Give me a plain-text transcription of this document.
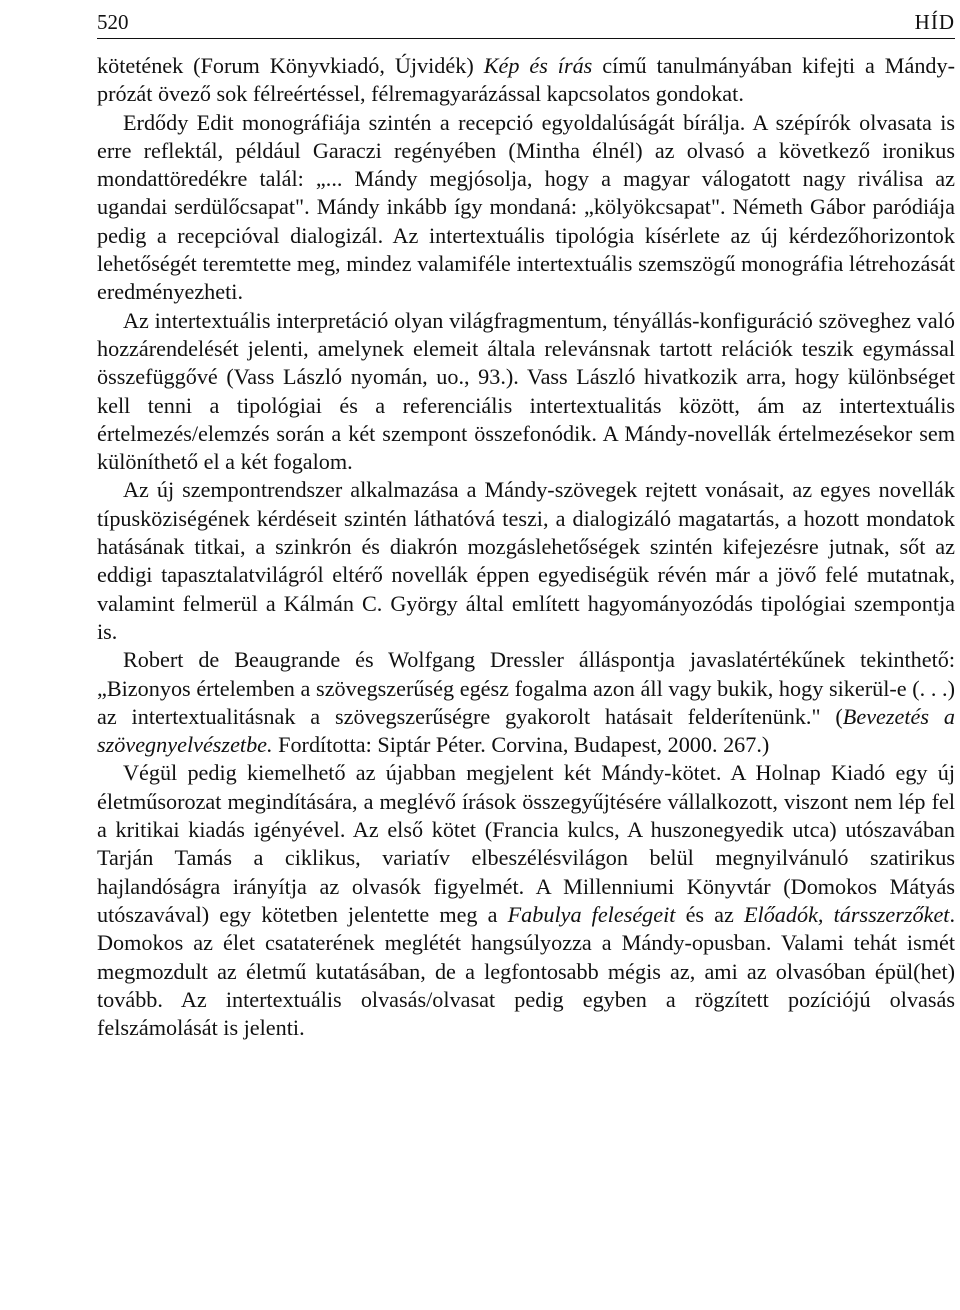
520	HÍD

kötetének (Forum Könyvkiadó, Újvidék) Kép és írás című tanulmányában kifejti a Mándy-prózát övező sok félreértéssel, félremagyarázással kapcsolatos gondokat.

Erdődy Edit monográfiája szintén a recepció egyoldalúságát bírálja. A szépírók olvasata is erre reflektál, például Garaczi regényében (Mintha élnél) az olvasó a következő ironikus mondattöredékre talál: „... Mándy megjósolja, hogy a magyar válogatott nagy riválisa az ugandai serdülőcsapat". Mándy inkább így mondaná: „kölyökcsapat". Németh Gábor paródiája pedig a recepcióval dialogizál. Az intertextuális tipológia kísérlete az új kérdezőhorizontok lehetőségét teremtette meg, mindez valamiféle intertextuális szemszögű monográfia létrehozását eredményezheti.

Az intertextuális interpretáció olyan világfragmentum, tényállás-konfiguráció szöveghez való hozzárendelését jelenti, amelynek elemeit általa relevánsnak tartott relációk teszik egymással összefüggővé (Vass László nyomán, uo., 93.). Vass László hivatkozik arra, hogy különbséget kell tenni a tipológiai és a referenciális intertextualitás között, ám az intertextuális értelmezés/elemzés során a két szempont összefonódik. A Mándy-novellák értelmezésekor sem különíthető el a két fogalom.

Az új szempontrendszer alkalmazása a Mándy-szövegek rejtett vonásait, az egyes novellák típusköziségének kérdéseit szintén láthatóvá teszi, a dialogizáló magatartás, a hozott mondatok hatásának titkai, a szinkrón és diakrón mozgáslehetőségek szintén kifejezésre jutnak, sőt az eddigi tapasztalatvilágról eltérő novellák éppen egyediségük révén már a jövő felé mutatnak, valamint felmerül a Kálmán C. György által említett hagyományozódás tipológiai szempontja is.

Robert de Beaugrande és Wolfgang Dressler álláspontja javaslatértékűnek tekinthető: „Bizonyos értelemben a szövegszerűség egész fogalma azon áll vagy bukik, hogy sikerül-e (. . .) az intertextualitásnak a szövegszerűségre gyakorolt hatásait felderítenünk." (Bevezetés a szövegnyelvészetbe. Fordította: Siptár Péter. Corvina, Budapest, 2000. 267.)

Végül pedig kiemelhető az újabban megjelent két Mándy-kötet. A Holnap Kiadó egy új életműsorozat megindítására, a meglévő írások összegyűjtésére vállalkozott, viszont nem lép fel a kritikai kiadás igényével. Az első kötet (Francia kulcs, A huszonegyedik utca) utószavában Tarján Tamás a ciklikus, variatív elbeszélésvilágon belül megnyilvánuló szatirikus hajlandóságra irányítja az olvasók figyelmét. A Millenniumi Könyvtár (Domokos Mátyás utószavával) egy kötetben jelentette meg a Fabulya feleségeit és az Előadók, társszerzőket. Domokos az élet csataterének meglétét hangsúlyozza a Mándy-opusban. Valami tehát ismét megmozdult az életmű kutatásában, de a legfontosabb mégis az, ami az olvasóban épül(het) tovább. Az intertextuális olvasás/olvasat pedig egyben a rögzített pozíciójú olvasás felszámolását is jelenti.
